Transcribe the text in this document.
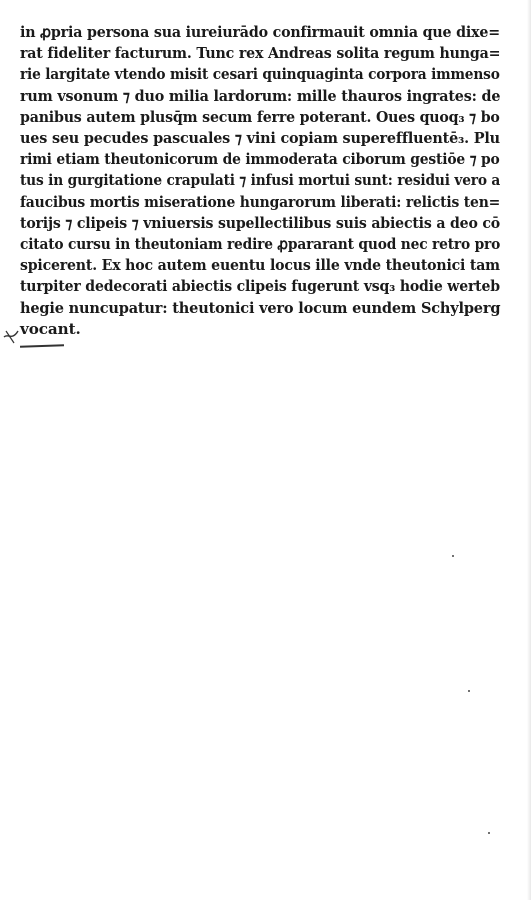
in ꝓpria persona sua iureiurādo confirmauit omnia que dixe=
rat fideliter facturum. Tunc rex Andreas solita regum hunga=
rie largitate vtendo misit cesari quinquaginta corpora immenso
rum vsonum ⁊ duo milia lardorum: mille thauros ingrates: de
panibus autem plusq̄m secum ferre poterant. Oues quoq₃ ⁊ bo
ues seu pecudes pascuales ⁊ vini copiam supereffluentē₃. Plu
rimi etiam theutonicorum de immoderata ciborum gestiōe ⁊ po
tus in gurgitatione crapulati ⁊ infusi mortui sunt: residui vero a
faucibus mortis miseratione hungarorum liberati: relictis ten=
torijs ⁊ clipeis ⁊ vniuersis supellectilibus suis abiectis a deo cō
citato cursu in theutoniam redire ꝓpararant quod nec retro pro
spicerent. Ex hoc autem euentu locus ille vnde theutonici tam
turpiter dedecorati abiectis clipeis fugerunt vsq₃ hodie werteb
hegie nuncupatur: theutonici vero locum eundem Schylperg
vocant.
